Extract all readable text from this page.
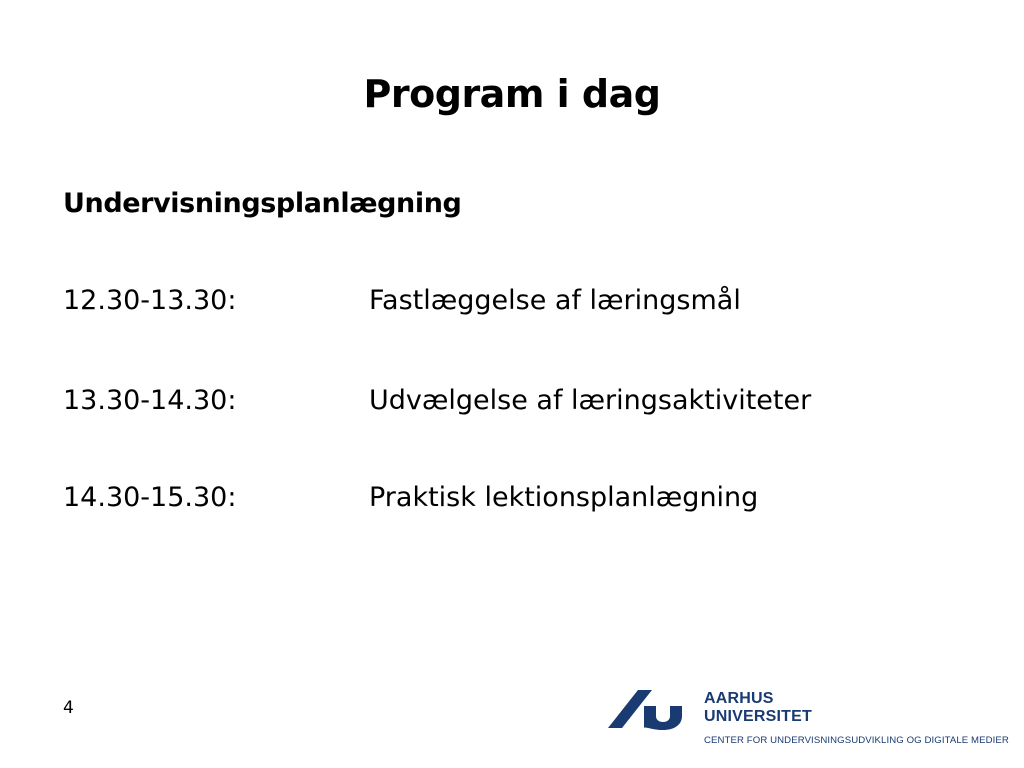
Program i dag
Undervisningsplanlægning
12.30-13.30:	Fastlæggelse af læringsmål
13.30-14.30:	Udvælgelse af læringsaktiviteter
14.30-15.30:	Praktisk lektionsplanlægning
4	AARHUS
UNIVERSITET
CENTER FOR UNDERVISNINGSUDVIKLING OG DIGITALE MEDIER
